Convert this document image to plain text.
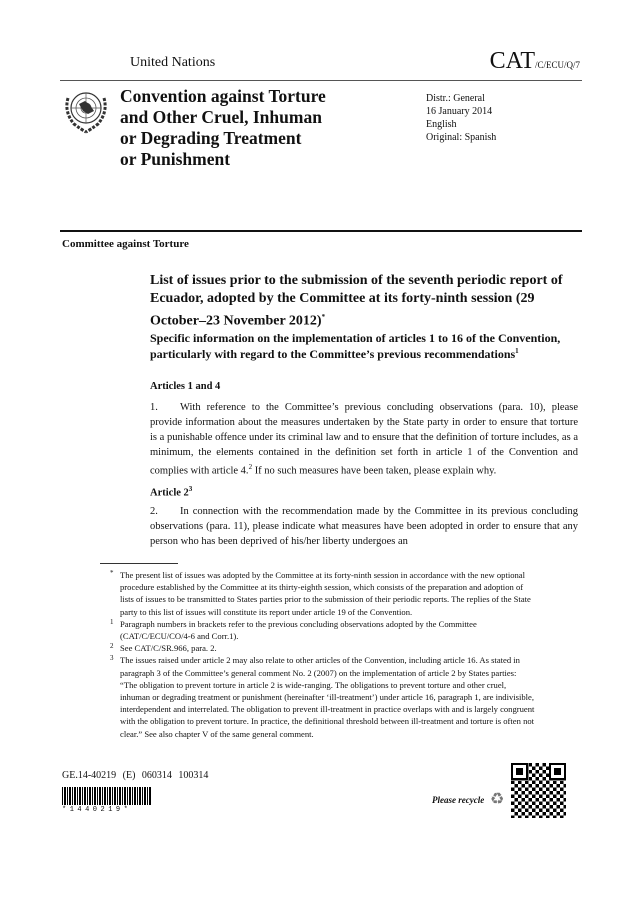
United Nations	CAT/C/ECU/Q/7
Convention against Torture
and Other Cruel, Inhuman
or Degrading Treatment
or Punishment
Distr.: General
16 January 2014
English
Original: Spanish
Committee against Torture
List of issues prior to the submission of the seventh periodic report of Ecuador, adopted by the Committee at its forty-ninth session (29 October–23 November 2012)*
Specific information on the implementation of articles 1 to 16 of the Convention, particularly with regard to the Committee’s previous recommendations$^1$
Articles 1 and 4
1. With reference to the Committee’s previous concluding observations (para. 10), please provide information about the measures undertaken by the State party in order to ensure that torture is a punishable offence under its criminal law and to ensure that the definition of torture includes, as a minimum, the elements contained in the definition set forth in article 1 of the Convention and complies with article 4.$^2$ If no such measures have been taken, please explain why.
Article $2^3$
2. In connection with the recommendation made by the Committee in its previous concluding observations (para. 11), please indicate what measures have been adopted in order to ensure that any person who has been deprived of his/her liberty undergoes an
* The present list of issues was adopted by the Committee at its forty-ninth session in accordance with the new optional procedure established by the Committee at its thirty-eighth session, which consists of the preparation and adoption of lists of issues to be transmitted to States parties prior to the submission of their periodic reports. The replies of the State party to this list of issues will constitute its report under article 19 of the Convention.
1 Paragraph numbers in brackets refer to the previous concluding observations adopted by the Committee (CAT/C/ECU/CO/4-6 and Corr.1).
2 See CAT/C/SR.966, para. 2.
3 The issues raised under article 2 may also relate to other articles of the Convention, including article 16. As stated in paragraph 3 of the Committee’s general comment No. 2 (2007) on the implementation of article 2 by States parties: “The obligation to prevent torture in article 2 is wide-ranging. The obligations to prevent torture and other cruel, inhuman or degrading treatment or punishment (hereinafter ‘ill-treatment’) under article 16, paragraph 1, are indivisible, interdependent and interrelated. The obligation to prevent ill-treatment in practice overlaps with and is largely congruent with the obligation to prevent torture. In practice, the definitional threshold between ill-treatment and torture is often not clear.” See also chapter V of the same general comment.
GE.14-40219 (E) 060314 100314
*1440219*
Please recycle ♻
